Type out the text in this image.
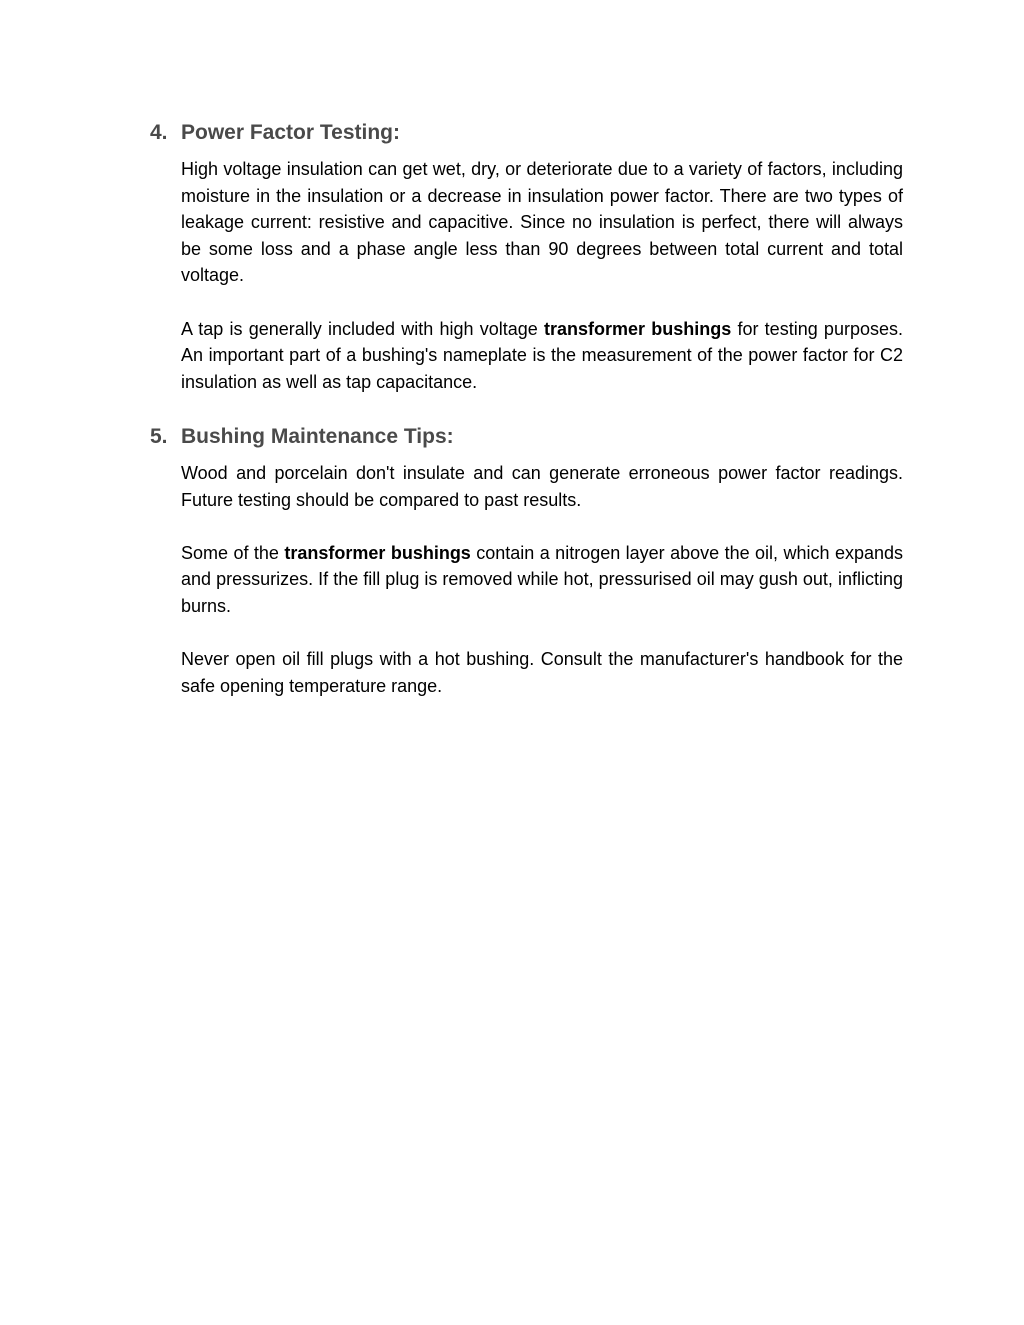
4. Power Factor Testing:

High voltage insulation can get wet, dry, or deteriorate due to a variety of factors, including moisture in the insulation or a decrease in insulation power factor. There are two types of leakage current: resistive and capacitive. Since no insulation is perfect, there will always be some loss and a phase angle less than 90 degrees between total current and total voltage.

A tap is generally included with high voltage transformer bushings for testing purposes. An important part of a bushing's nameplate is the measurement of the power factor for C2 insulation as well as tap capacitance.

5. Bushing Maintenance Tips:

Wood and porcelain don't insulate and can generate erroneous power factor readings. Future testing should be compared to past results.

Some of the transformer bushings contain a nitrogen layer above the oil, which expands and pressurizes. If the fill plug is removed while hot, pressurised oil may gush out, inflicting burns.

Never open oil fill plugs with a hot bushing. Consult the manufacturer's handbook for the safe opening temperature range.
